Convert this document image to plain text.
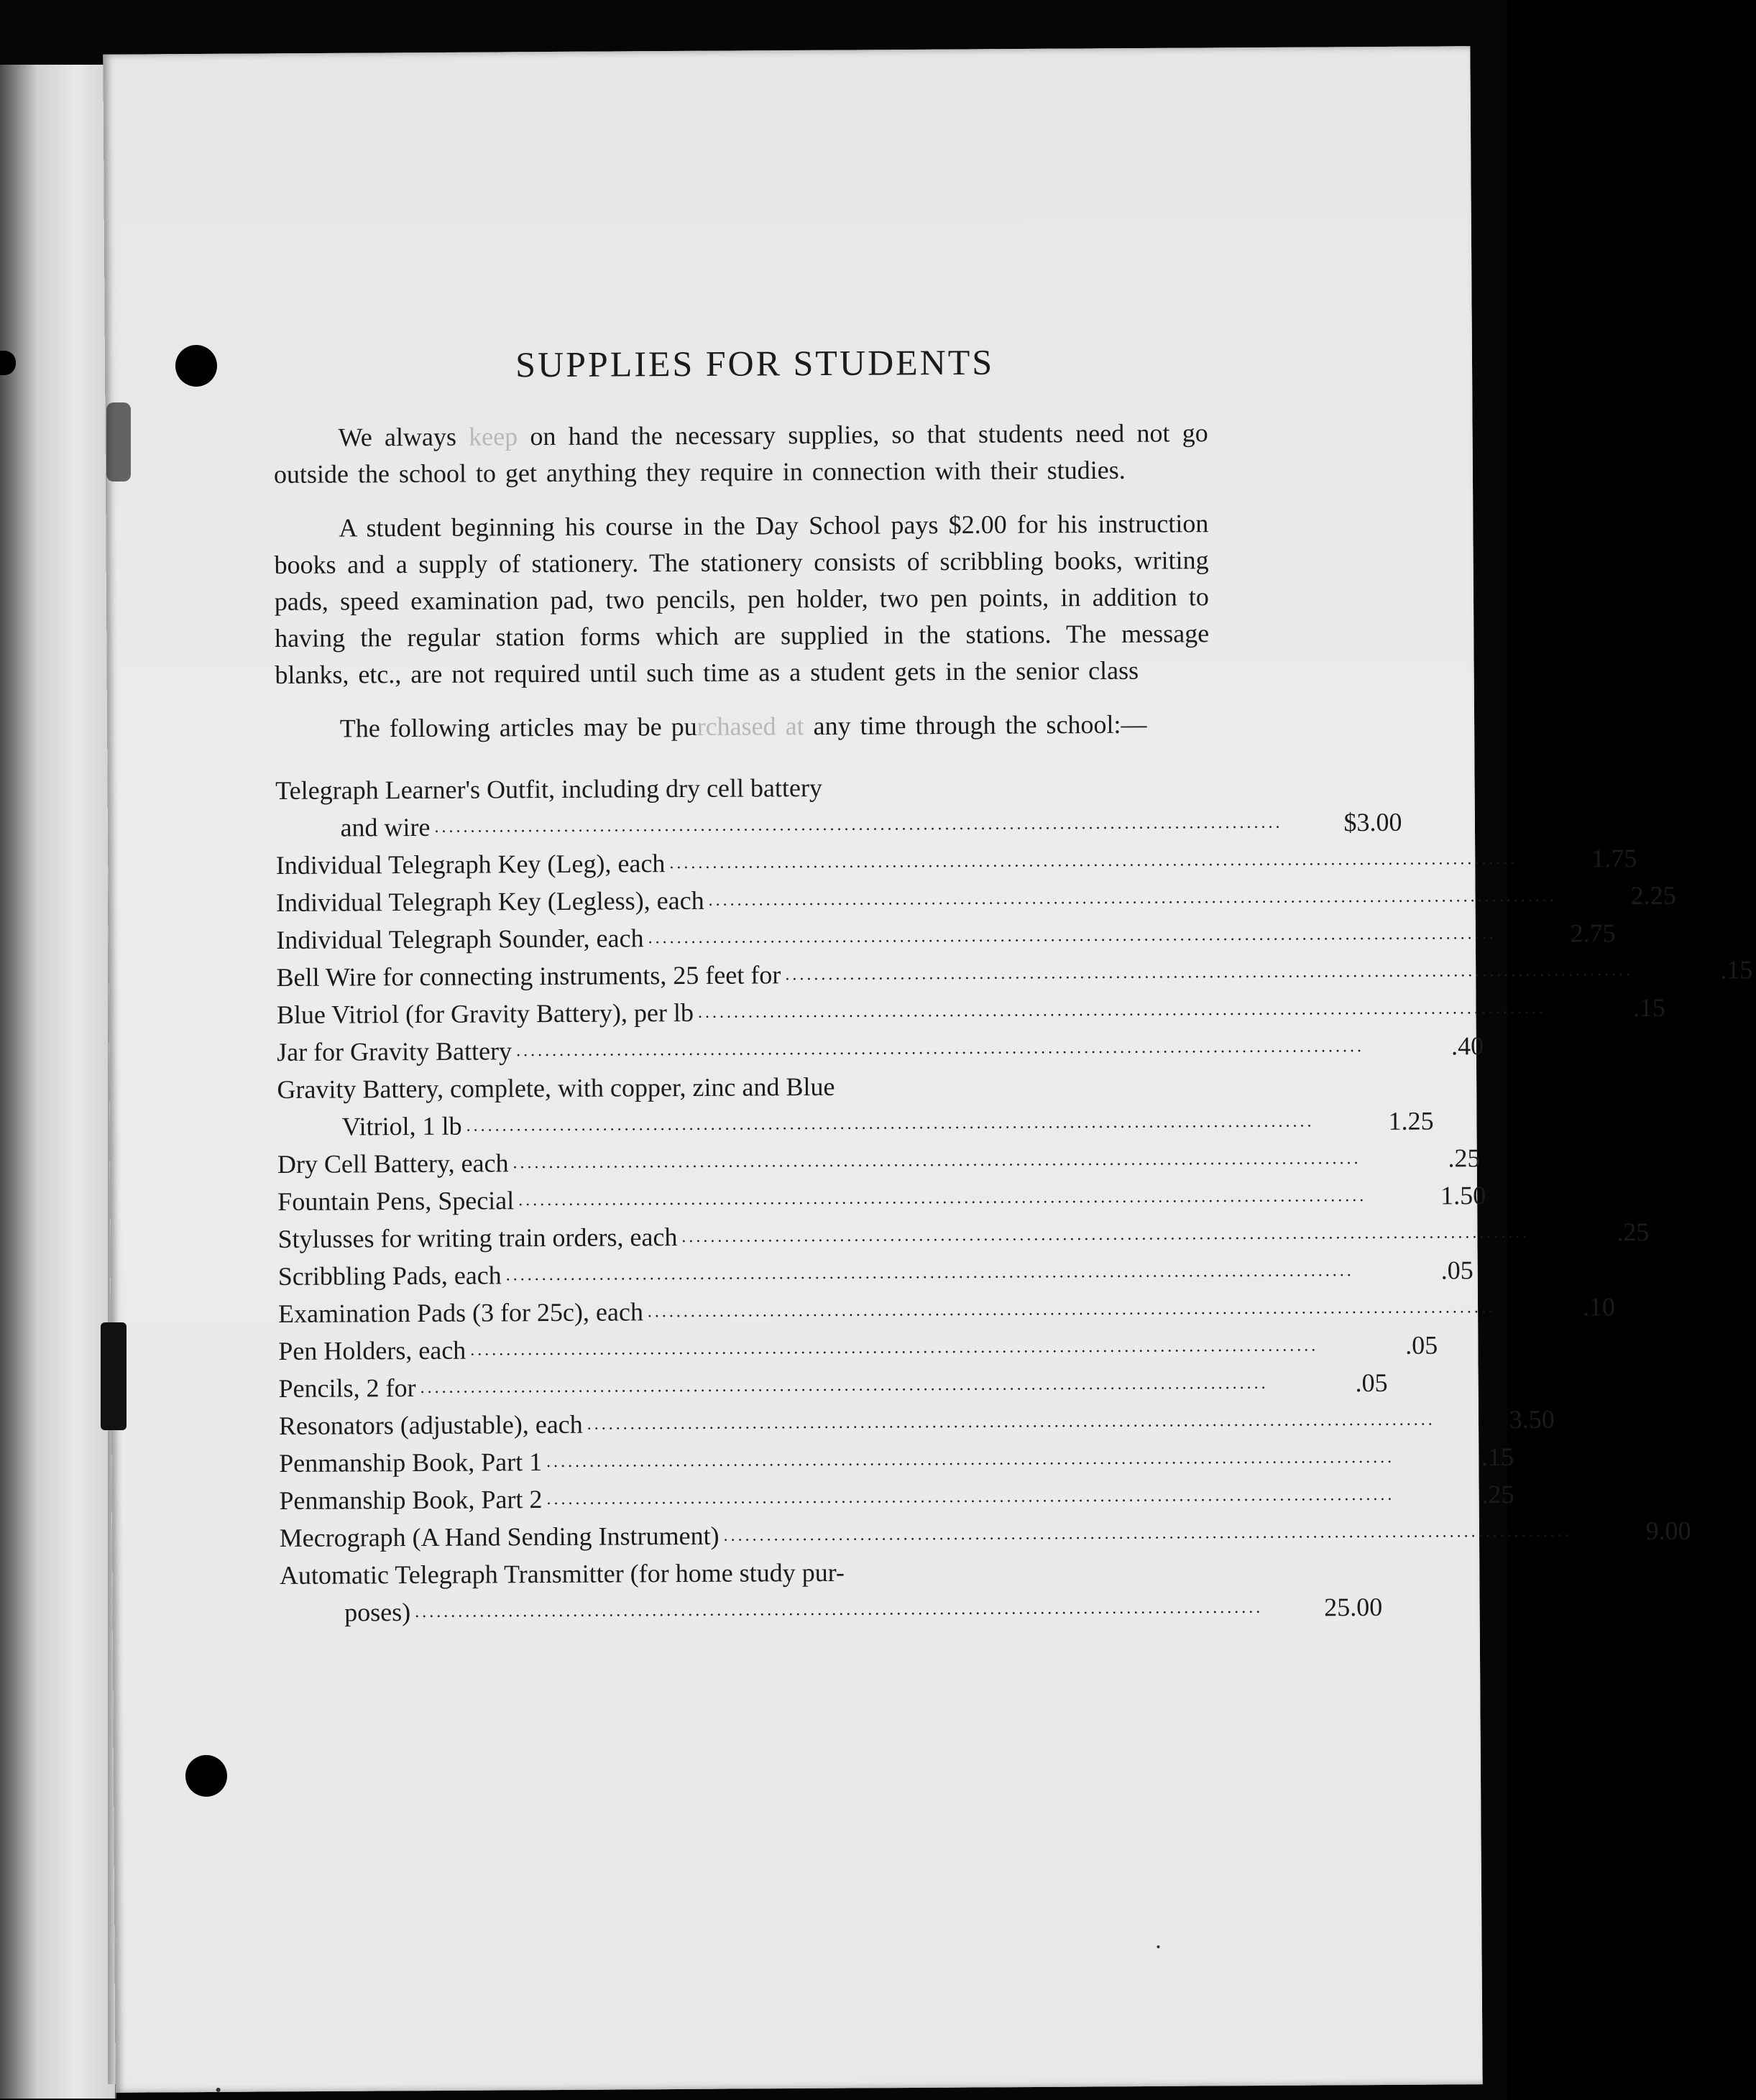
SUPPLIES FOR STUDENTS

We always keep on hand the necessary supplies, so that students need not go outside the school to get anything they require in connection with their studies.

A student beginning his course in the Day School pays $2.00 for his instruction books and a supply of stationery. The stationery consists of scribbling books, writing pads, speed examination pad, two pencils, pen holder, two pen points, in addition to having the regular station forms which are supplied in the stations. The message blanks, etc., are not required until such time as a student gets in the senior class

The following articles may be purchased at any time through the school:—

Telegraph Learner's Outfit, including dry cell battery
and wire ......................................................................................................................	$3.00
Individual Telegraph Key (Leg), each ......................................................................................................................	1.75
Individual Telegraph Key (Legless), each ......................................................................................................................	2.25
Individual Telegraph Sounder, each ......................................................................................................................	2.75
Bell Wire for connecting instruments, 25 feet for ......................................................................................................................	.15
Blue Vitriol (for Gravity Battery), per lb ......................................................................................................................	.15
Jar for Gravity Battery ......................................................................................................................	.40
Gravity Battery, complete, with copper, zinc and Blue
Vitriol, 1 lb ......................................................................................................................	1.25
Dry Cell Battery, each ......................................................................................................................	.25
Fountain Pens, Special ......................................................................................................................	1.50
Stylusses for writing train orders, each ......................................................................................................................	.25
Scribbling Pads, each ......................................................................................................................	.05
Examination Pads (3 for 25c), each ......................................................................................................................	.10
Pen Holders, each ......................................................................................................................	.05
Pencils, 2 for ......................................................................................................................	.05
Resonators (adjustable), each ......................................................................................................................	3.50
Penmanship Book, Part 1 ......................................................................................................................	.15
Penmanship Book, Part 2 ......................................................................................................................	.25
Mecrograph (A Hand Sending Instrument) ......................................................................................................................	9.00
Automatic Telegraph Transmitter (for home study pur-
poses) ......................................................................................................................	25.00
